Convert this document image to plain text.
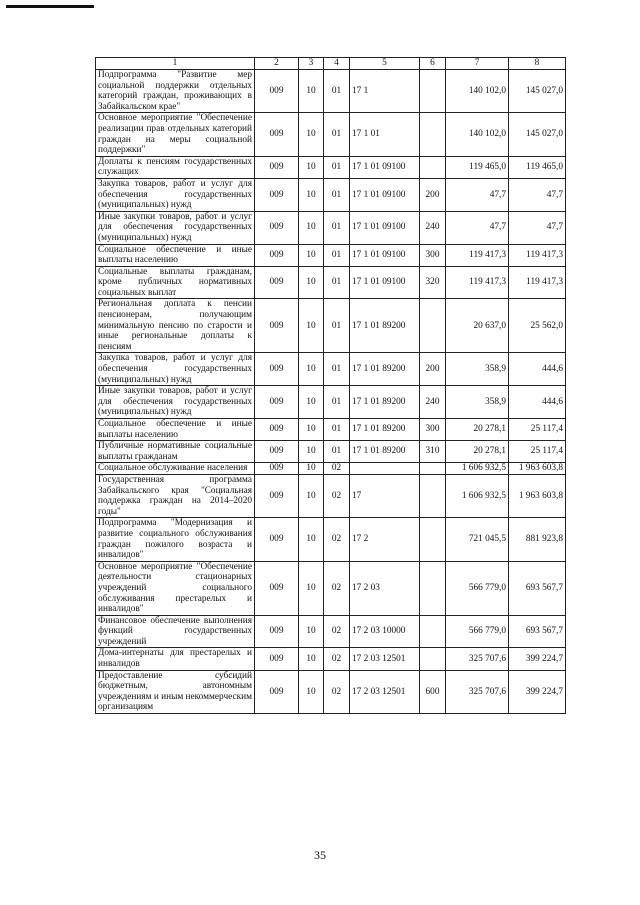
1	2	3	4	5	6	7	8
Подпрограмма "Развитие мер социальной поддержки отдельных категорий граждан, проживающих в Забайкальском крае"	009	10	01	17 1		140 102,0	145 027,0
Основное мероприятие "Обеспечение реализации прав отдельных категорий граждан на меры социальной поддержки"	009	10	01	17 1 01		140 102,0	145 027,0
Доплаты к пенсиям государственных служащих	009	10	01	17 1 01 09100		119 465,0	119 465,0
Закупка товаров, работ и услуг для обеспечения государственных (муниципальных) нужд	009	10	01	17 1 01 09100	200	47,7	47,7
Иные закупки товаров, работ и услуг для обеспечения государственных (муниципальных) нужд	009	10	01	17 1 01 09100	240	47,7	47,7
Социальное обеспечение и иные выплаты населению	009	10	01	17 1 01 09100	300	119 417,3	119 417,3
Социальные выплаты гражданам, кроме публичных нормативных социальных выплат	009	10	01	17 1 01 09100	320	119 417,3	119 417,3
Региональная доплата к пенсии пенсионерам, получающим минимальную пенсию по старости и иные региональные доплаты к пенсиям	009	10	01	17 1 01 89200		20 637,0	25 562,0
Закупка товаров, работ и услуг для обеспечения государственных (муниципальных) нужд	009	10	01	17 1 01 89200	200	358,9	444,6
Иные закупки товаров, работ и услуг для обеспечения государственных (муниципальных) нужд	009	10	01	17 1 01 89200	240	358,9	444,6
Социальное обеспечение и иные выплаты населению	009	10	01	17 1 01 89200	300	20 278,1	25 117,4
Публичные нормативные социальные выплаты гражданам	009	10	01	17 1 01 89200	310	20 278,1	25 117,4
Социальное обслуживание населения	009	10	02			1 606 932,5	1 963 603,8
Государственная программа Забайкальского края "Социальная поддержка граждан на 2014–2020 годы"	009	10	02	17		1 606 932,5	1 963 603,8
Подпрограмма "Модернизация и развитие социального обслуживания граждан пожилого возраста и инвалидов"	009	10	02	17 2		721 045,5	881 923,8
Основное мероприятие "Обеспечение деятельности стационарных учреждений социального обслуживания престарелых и инвалидов"	009	10	02	17 2 03		566 779,0	693 567,7
Финансовое обеспечение выполнения функций государственных учреждений	009	10	02	17 2 03 10000		566 779,0	693 567,7
Дома-интернаты для престарелых и инвалидов	009	10	02	17 2 03 12501		325 707,6	399 224,7
Предоставление субсидий бюджетным, автономным учреждениям и иным некоммерческим организациям	009	10	02	17 2 03 12501	600	325 707,6	399 224,7
35
